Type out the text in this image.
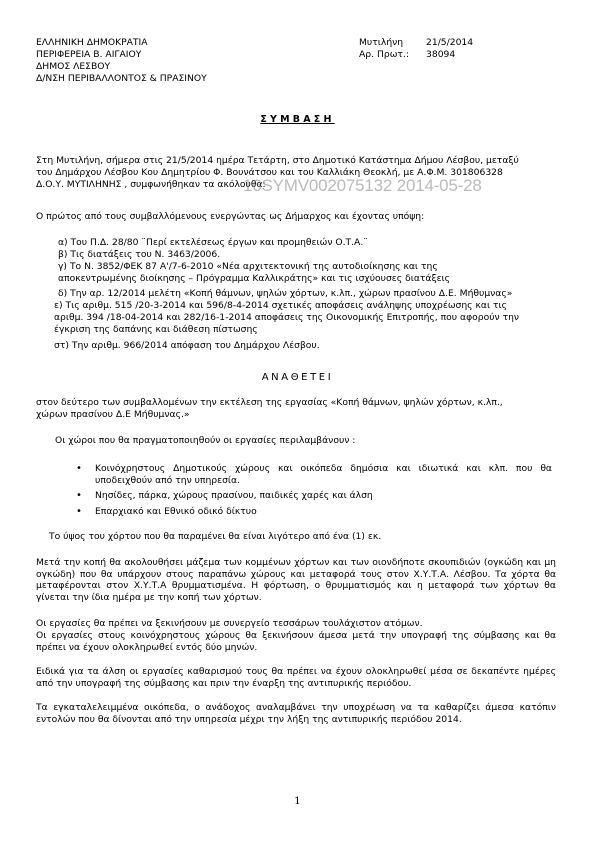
ΕΛΛΗΝΙΚΗ ΔΗΜΟΚΡΑΤΙΑ
ΠΕΡΙΦΕΡΕΙΑ Β. ΑΙΓΑΙΟΥ
ΔΗΜΟΣ ΛΕΣΒΟΥ
Δ/ΝΣΗ ΠΕΡΙΒΑΛΛΟΝΤΟΣ & ΠΡΑΣΙΝΟΥ
Μυτιλήνη 21/5/2014
Αρ. Πρωτ.: 38094
ΣΥΜΒΑΣΗ
Στη Μυτιλήνη, σήμερα στις 21/5/2014 ημέρα Τετάρτη, στο Δημοτικό Κατάστημα Δήμου Λέσβου, μεταξύ
του Δημάρχου Λέσβου Κου Δημητρίου Φ. Βουνάτσου και του Καλλιάκη Θεοκλή, με Α.Φ.Μ. 301806328
Δ.Ο.Υ. ΜΥΤΙΛΗΝΗΣ , συμφωνήθηκαν τα ακόλουθα:
16SYMV002075132 2014-05-28
Ο πρώτος από τους συμβαλλόμενους ενεργώντας ως Δήμαρχος και έχοντας υπόψη:
α) Του Π.Δ. 28/80 ¨Περί εκτελέσεως έργων και προμηθειών Ο.Τ.Α.¨
β) Τις διατάξεις του Ν. 3463/2006.
γ) Το Ν. 3852/ΦΕΚ 87 Α'/7-6-2010 «Νέα αρχιτεκτονική της αυτοδιοίκησης και της
αποκεντρωμένης διοίκησης – Πρόγραμμα Καλλικράτης» και τις ισχύουσες διατάξεις
δ) Την αρ. 12/2014 μελέτη «Κοπή θάμνων, ψηλών χόρτων, κ.λπ., χώρων πρασίνου Δ.Ε. Μήθυμνας»
ε) Τις αριθμ. 515 /20-3-2014 και 596/8-4-2014 σχετικές αποφάσεις ανάληψης υποχρέωσης και τις
αριθμ. 394 /18-04-2014 και 282/16-1-2014 αποφάσεις της Οικονομικής Επιτροπής, που αφορούν την
έγκριση της δαπάνης και διάθεση πίστωσης
στ) Την αριθμ. 966/2014 απόφαση του Δημάρχου Λέσβου.
ΑΝΑΘΕΤΕΙ
στον δεύτερο των συμβαλλομένων την εκτέλεση της εργασίας «Κοπή θάμνων, ψηλών χόρτων, κ.λπ.,
χώρων πρασίνου Δ.Ε Μήθυμνας.»
Οι χώροι που θα πραγματοποιηθούν οι εργασίες περιλαμβάνουν :
• Κοινόχρηστους Δημοτικούς χώρους και οικόπεδα δημόσια και ιδιωτικά και κλπ. που θα υποδειχθούν από την υπηρεσία.
• Νησίδες, πάρκα, χώρους πρασίνου, παιδικές χαρές και άλση
• Επαρχιακό και Εθνικό οδικό δίκτυο
Το ύψος του χόρτου που θα παραμένει θα είναι λιγότερο από ένα (1) εκ.
Μετά την κοπή θα ακολουθήσει μάζεμα των κομμένων χόρτων και των οιονδήποτε σκουπιδιών (ογκώδη και μη ογκώδη) που θα υπάρχουν στους παραπάνω χώρους και μεταφορά τους στον Χ.Υ.Τ.Α. Λέσβου. Τα χόρτα θα μεταφέρονται στον Χ.Υ.Τ.Α θρυμματισμένα. Η φόρτωση, ο θρυμματισμός και η μεταφορά των χόρτων θα γίνεται την ίδια ημέρα με την κοπή των χόρτων.
Οι εργασίες θα πρέπει να ξεκινήσουν με συνεργείο τεσσάρων τουλάχιστον ατόμων.
Οι εργασίες στους κοινόχρηστους χώρους θα ξεκινήσουν άμεσα μετά την υπογραφή της σύμβασης και θα πρέπει να έχουν ολοκληρωθεί εντός δύο μηνών.
Ειδικά για τα άλση οι εργασίες καθαρισμού τους θα πρέπει να έχουν ολοκληρωθεί μέσα σε δεκαπέντε ημέρες από την υπογραφή της σύμβασης και πριν την έναρξη της αντιπυρικής περιόδου.
Τα εγκαταλελειμμένα οικόπεδα, ο ανάδοχος αναλαμβάνει την υποχρέωση να τα καθαρίζει άμεσα κατόπιν εντολών που θα δίνονται από την υπηρεσία μέχρι την λήξη της αντιπυρικής περιόδου 2014.
1
